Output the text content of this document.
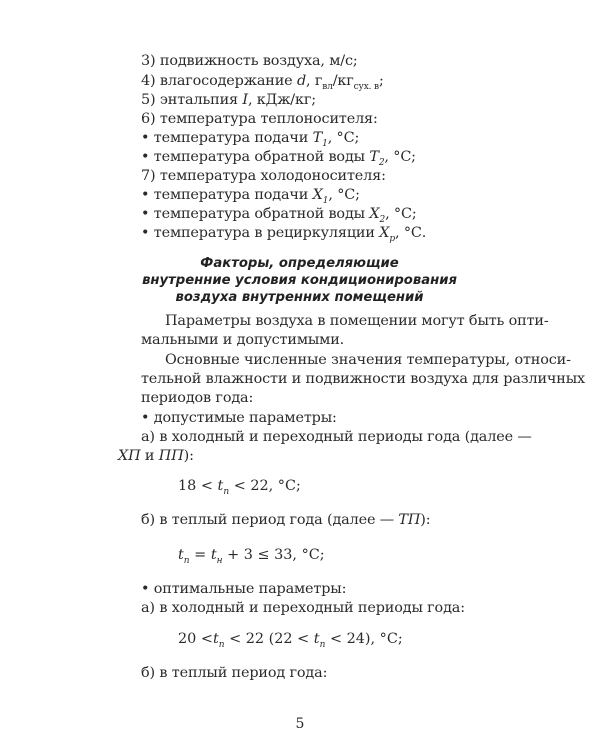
3) подвижность воздуха, м/с;
4) влагосодержание d, $г_{вл}/кг_{сух. в}$;
5) энтальпия I, кДж/кг;
6) температура теплоносителя:
• температура подачи $T_1$, °С;
• температура обратной воды $T_2$, °С;
7) температура холодоносителя:
• температура подачи $X_1$, °С;
• температура обратной воды $X_2$, °С;
• температура в рециркуляции $X_p$, °С.
Факторы, определяющие
внутренние условия кондиционирования
воздуха внутренних помещений
Параметры воздуха в помещении могут быть опти-
мальными и допустимыми.
Основные численные значения температуры, относи-
тельной влажности и подвижности воздуха для различных
периодов года:
• допустимые параметры:
а) в холодный и переходный периоды года (далее —
ХП и ПП):
$18 < t_п < 22$, °С;
б) в теплый период года (далее — ТП):
$t_п = t_н + 3 \le 33$, °С;
• оптимальные параметры:
а) в холодный и переходный периоды года:
$20 <t_п < 22$ $(22 < t_п < 24)$, °С;
б) в теплый период года:
5
